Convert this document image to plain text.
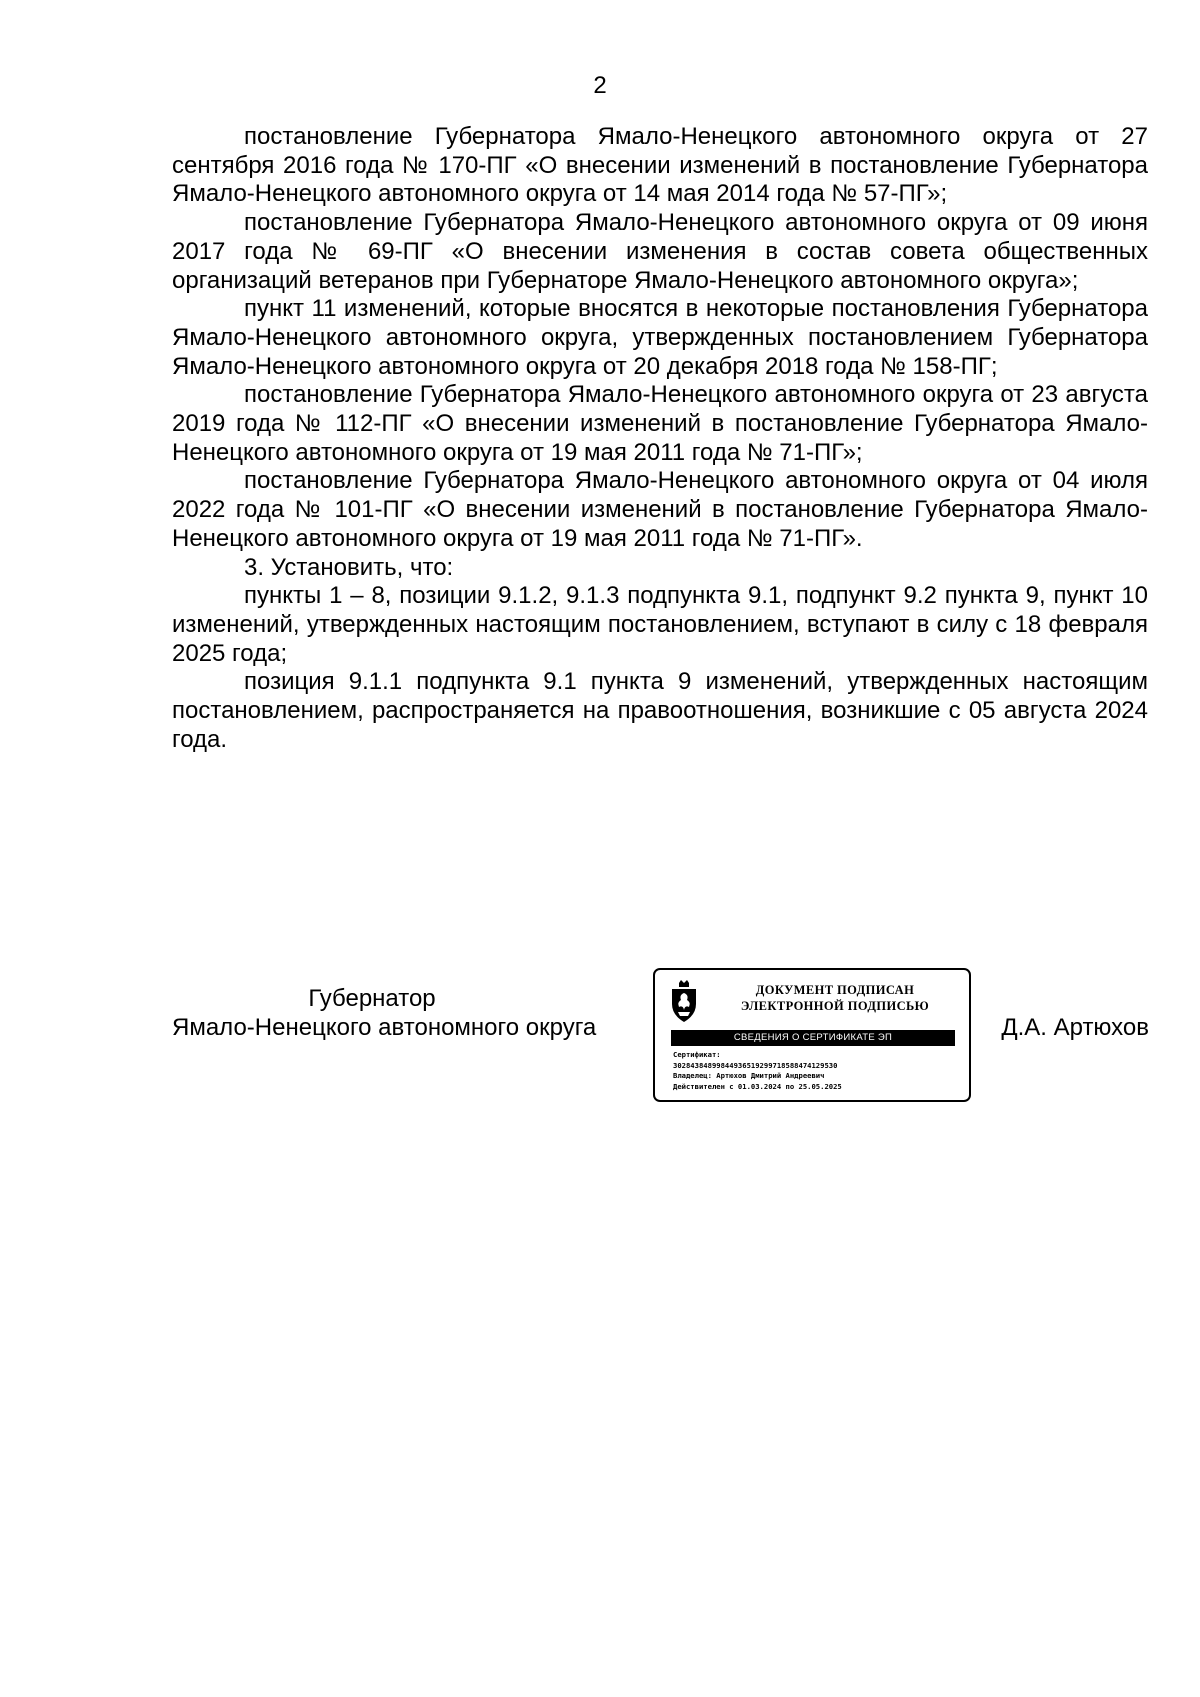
2

постановление Губернатора Ямало-Ненецкого автономного округа от 27 сентября 2016 года № 170-ПГ «О внесении изменений в постановление Губернатора Ямало-Ненецкого автономного округа от 14 мая 2014 года № 57-ПГ»;

постановление Губернатора Ямало-Ненецкого автономного округа от 09 июня 2017 года № 69-ПГ «О внесении изменения в состав совета общественных организаций ветеранов при Губернаторе Ямало-Ненецкого автономного округа»;

пункт 11 изменений, которые вносятся в некоторые постановления Губернатора Ямало-Ненецкого автономного округа, утвержденных постановлением Губернатора Ямало-Ненецкого автономного округа от 20 декабря 2018 года № 158-ПГ;

постановление Губернатора Ямало-Ненецкого автономного округа от 23 августа 2019 года № 112-ПГ «О внесении изменений в постановление Губернатора Ямало-Ненецкого автономного округа от 19 мая 2011 года № 71-ПГ»;

постановление Губернатора Ямало-Ненецкого автономного округа от 04 июля 2022 года № 101-ПГ «О внесении изменений в постановление Губернатора Ямало-Ненецкого автономного округа от 19 мая 2011 года № 71-ПГ».

3. Установить, что:

пункты 1 – 8, позиции 9.1.2, 9.1.3 подпункта 9.1, подпункт 9.2 пункта 9, пункт 10 изменений, утвержденных настоящим постановлением, вступают в силу с 18 февраля 2025 года;

позиция 9.1.1 подпункта 9.1 пункта 9 изменений, утвержденных настоящим постановлением, распространяется на правоотношения, возникшие с 05 августа 2024 года.

Губернатор
Ямало-Ненецкого автономного округа
ДОКУМЕНТ ПОДПИСАН
ЭЛЕКТРОННОЙ ПОДПИСЬЮ
СВЕДЕНИЯ О СЕРТИФИКАТЕ ЭП
Сертификат:
30284384899844936519299718588474129530
Владелец: Артюхов Дмитрий Андреевич
Действителен с 01.03.2024 по 25.05.2025
Д.А. Артюхов
